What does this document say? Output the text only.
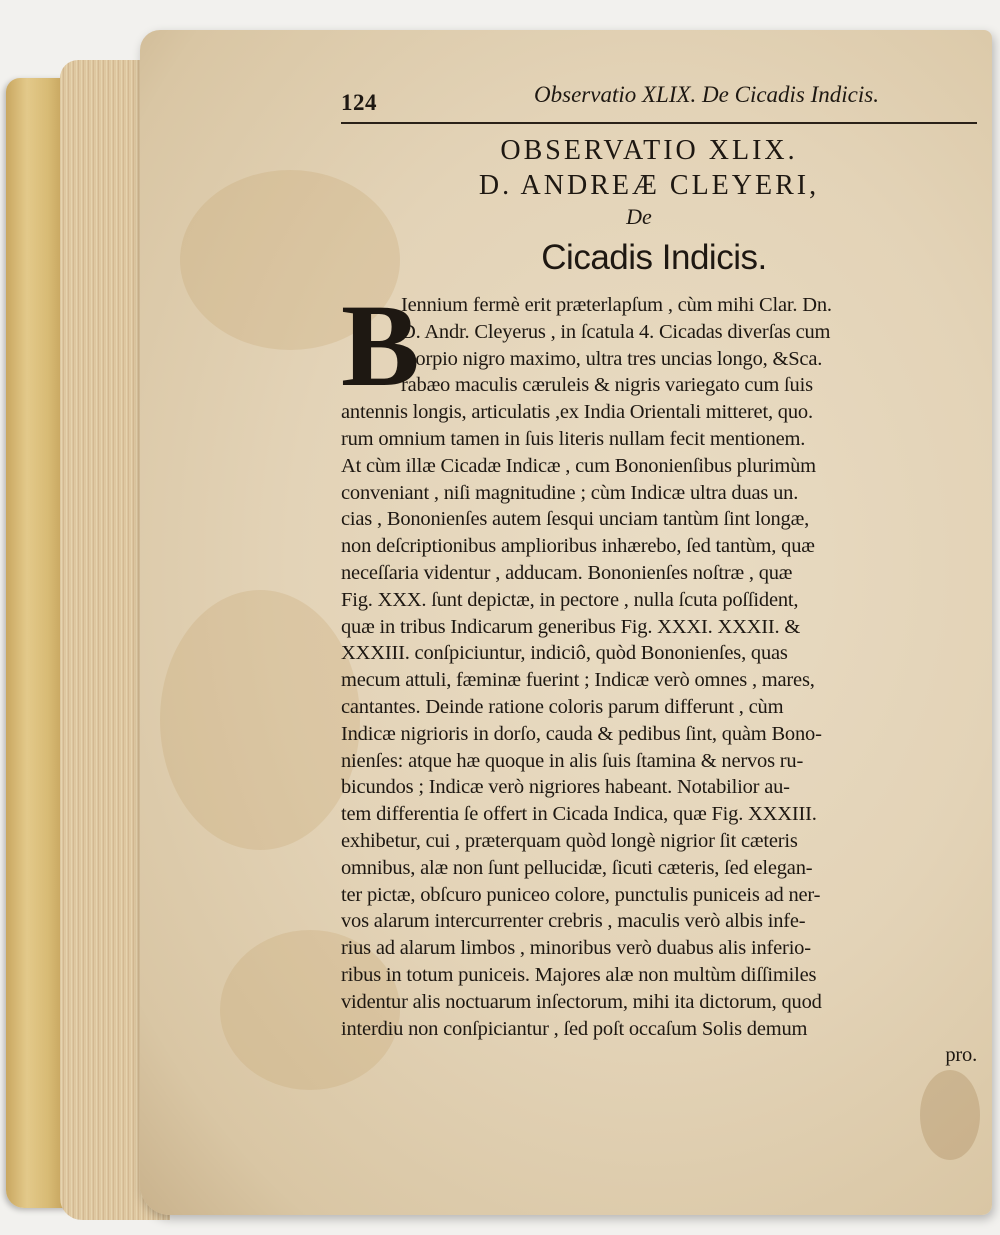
124	Observatio XLIX. De Cicadis Indicis.
OBSERVATIO XLIX.
D. ANDREÆ CLEYERI,
De
Cicadis Indicis.
B
Iennium fermè erit præterlapſum , cùm mihi Clar. Dn.
D. Andr. Cleyerus , in ſcatula 4. Cicadas diverſas cum
ſcorpio nigro maximo, ultra tres uncias longo, &Sca.
rabæo maculis cæruleis & nigris variegato cum ſuis
antennis longis, articulatis ,ex India Orientali mitteret, quo.
rum omnium tamen in ſuis literis nullam fecit mentionem.
At cùm illæ Cicadæ Indicæ , cum Bononienſibus plurimùm
conveniant , niſi magnitudine ; cùm Indicæ ultra duas un.
cias , Bononienſes autem ſesqui unciam tantùm ſint longæ,
non deſcriptionibus amplioribus inhærebo, ſed tantùm, quæ
neceſſaria videntur , adducam. Bononienſes noſtræ , quæ
Fig. XXX. ſunt depictæ, in pectore , nulla ſcuta poſſident,
quæ in tribus Indicarum generibus Fig. XXXI. XXXII. &
XXXIII. conſpiciuntur, indiciô, quòd Bononienſes, quas
mecum attuli, fæminæ fuerint ; Indicæ verò omnes , mares,
cantantes. Deinde ratione coloris parum differunt , cùm
Indicæ nigrioris in dorſo, cauda & pedibus ſint, quàm Bono-
nienſes: atque hæ quoque in alis ſuis ſtamina & nervos ru-
bicundos ; Indicæ verò nigriores habeant. Notabilior au-
tem differentia ſe offert in Cicada Indica, quæ Fig. XXXIII.
exhibetur, cui , præterquam quòd longè nigrior ſit cæteris
omnibus, alæ non ſunt pellucidæ, ſicuti cæteris, ſed elegan-
ter pictæ, obſcuro puniceo colore, punctulis puniceis ad ner-
vos alarum intercurrenter crebris , maculis verò albis infe-
rius ad alarum limbos , minoribus verò duabus alis inferio-
ribus in totum puniceis. Majores alæ non multùm diſſimiles
videntur alis noctuarum inſectorum, mihi ita dictorum, quod
interdiu non conſpiciantur , ſed poſt occaſum Solis demum
pro.
